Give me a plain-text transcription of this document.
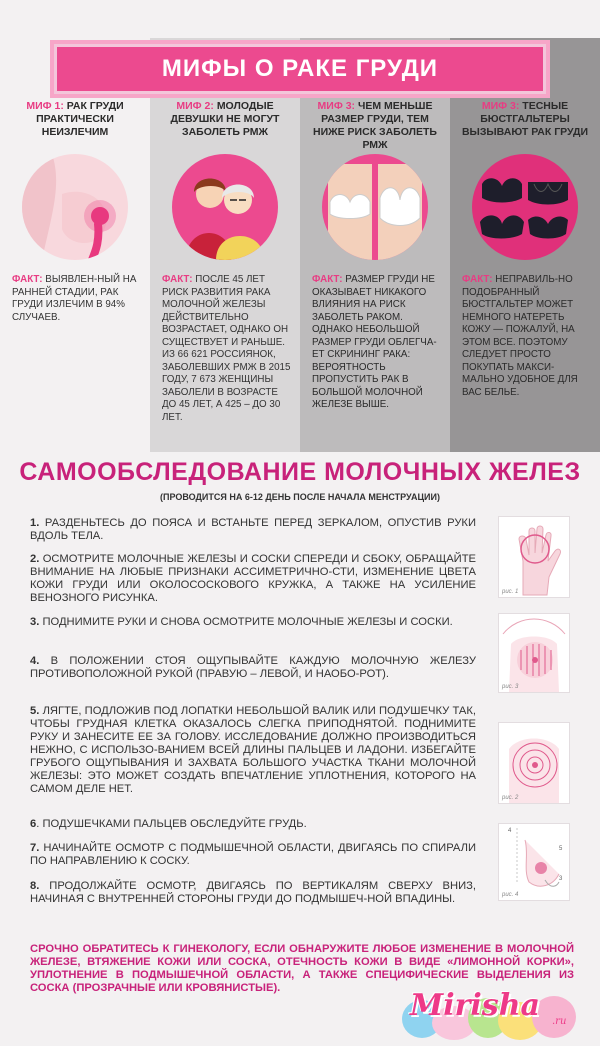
МИФ 1: РАК ГРУДИ ПРАКТИЧЕСКИ НЕИЗЛЕЧИМ
ФАКТ: ВЫЯВЛЕН-НЫЙ НА РАННЕЙ СТАДИИ, РАК ГРУДИ ИЗЛЕЧИМ В 94% СЛУЧАЕВ.
МИФ 2: МОЛОДЫЕ ДЕВУШКИ НЕ МОГУТ ЗАБОЛЕТЬ РМЖ
ФАКТ: ПОСЛЕ 45 ЛЕТ РИСК РАЗВИТИЯ РАКА МОЛОЧНОЙ ЖЕЛЕЗЫ ДЕЙСТВИТЕЛЬНО ВОЗРАСТАЕТ, ОДНАКО ОН СУЩЕСТВУЕТ И РАНЬШЕ. ИЗ 66 621 РОССИЯНОК, ЗАБОЛЕВШИХ РМЖ В 2015 ГОДУ, 7 673 ЖЕНЩИНЫ ЗАБОЛЕЛИ В ВОЗРАСТЕ ДО 45 ЛЕТ, А 425 – ДО 30 ЛЕТ.
МИФ 3: ЧЕМ МЕНЬШЕ РАЗМЕР ГРУДИ, ТЕМ НИЖЕ РИСК ЗАБОЛЕТЬ РМЖ
ФАКТ: РАЗМЕР ГРУДИ НЕ ОКАЗЫВАЕТ НИКАКОГО ВЛИЯНИЯ НА РИСК ЗАБОЛЕТЬ РАКОМ. ОДНАКО НЕБОЛЬШОЙ РАЗМЕР ГРУДИ ОБЛЕГЧА-ЕТ СКРИНИНГ РАКА: ВЕРОЯТНОСТЬ ПРОПУСТИТЬ РАК В БОЛЬШОЙ МОЛОЧНОЙ ЖЕЛЕЗЕ ВЫШЕ.
МИФ 3: ТЕСНЫЕ БЮСТГАЛЬТЕРЫ ВЫЗЫВАЮТ РАК ГРУДИ
ФАКТ: НЕПРАВИЛЬ-НО ПОДОБРАННЫЙ БЮСТГАЛЬТЕР МОЖЕТ НЕМНОГО НАТЕРЕТЬ КОЖУ — ПОЖАЛУЙ, НА ЭТОМ ВСЕ. ПОЭТОМУ СЛЕДУЕТ ПРОСТО ПОКУПАТЬ МАКСИ-МАЛЬНО УДОБНОЕ ДЛЯ ВАС БЕЛЬЕ.
МИФЫ О РАКЕ ГРУДИ
САМООБСЛЕДОВАНИЕ МОЛОЧНЫХ ЖЕЛЕЗ
(ПРОВОДИТСЯ НА 6-12 ДЕНЬ ПОСЛЕ НАЧАЛА МЕНСТРУАЦИИ)
1. РАЗДЕНЬТЕСЬ ДО ПОЯСА И ВСТАНЬТЕ ПЕРЕД ЗЕРКАЛОМ, ОПУСТИВ РУКИ ВДОЛЬ ТЕЛА.
2. ОСМОТРИТЕ МОЛОЧНЫЕ ЖЕЛЕЗЫ И СОСКИ СПЕРЕДИ И СБОКУ, ОБРАЩАЙТЕ ВНИМАНИЕ НА ЛЮБЫЕ ПРИЗНАКИ АССИМЕТРИЧНО-СТИ, ИЗМЕНЕНИЕ ЦВЕТА КОЖИ ГРУДИ ИЛИ ОКОЛОСОСКОВОГО КРУЖКА, А ТАКЖЕ НА УСИЛЕНИЕ ВЕНОЗНОГО РИСУНКА.
3. ПОДНИМИТЕ РУКИ И СНОВА ОСМОТРИТЕ МОЛОЧНЫЕ ЖЕЛЕЗЫ И СОСКИ.
4. В ПОЛОЖЕНИИ СТОЯ ОЩУПЫВАЙТЕ КАЖДУЮ МОЛОЧНУЮ ЖЕЛЕЗУ ПРОТИВОПОЛОЖНОЙ РУКОЙ (ПРАВУЮ – ЛЕВОЙ, И НАОБО-РОТ).
5. ЛЯГТЕ, ПОДЛОЖИВ ПОД ЛОПАТКИ НЕБОЛЬШОЙ ВАЛИК ИЛИ ПОДУШЕЧКУ ТАК, ЧТОБЫ ГРУДНАЯ КЛЕТКА ОКАЗАЛОСЬ СЛЕГКА ПРИПОДНЯТОЙ. ПОДНИМИТЕ РУКУ И ЗАНЕСИТЕ ЕЕ ЗА ГОЛОВУ. ИССЛЕДОВАНИЕ ДОЛЖНО ПРОИЗВОДИТЬСЯ НЕЖНО, С ИСПОЛЬЗО-ВАНИЕМ ВСЕЙ ДЛИНЫ ПАЛЬЦЕВ И ЛАДОНИ. ИЗБЕГАЙТЕ ГРУБОГО ОЩУПЫВАНИЯ И ЗАХВАТА БОЛЬШОГО УЧАСТКА ТКАНИ МОЛОЧНОЙ ЖЕЛЕЗЫ: ЭТО МОЖЕТ СОЗДАТЬ ВПЕЧАТЛЕНИЕ УПЛОТНЕНИЯ, КОТОРОГО НА САМОМ ДЕЛЕ НЕТ.
6. ПОДУШЕЧКАМИ ПАЛЬЦЕВ ОБСЛЕДУЙТЕ ГРУДЬ.
7. НАЧИНАЙТЕ ОСМОТР С ПОДМЫШЕЧНОЙ ОБЛАСТИ, ДВИГАЯСЬ ПО СПИРАЛИ ПО НАПРАВЛЕНИЮ К СОСКУ.
8. ПРОДОЛЖАЙТЕ ОСМОТР, ДВИГАЯСЬ ПО ВЕРТИКАЛЯМ СВЕРХУ ВНИЗ, НАЧИНАЯ С ВНУТРЕННЕЙ СТОРОНЫ ГРУДИ ДО ПОДМЫШЕЧ-НОЙ ВПАДИНЫ.
рис. 1
рис. 3
рис. 2
4
5
3
рис. 4
СРОЧНО ОБРАТИТЕСЬ К ГИНЕКОЛОГУ, ЕСЛИ ОБНАРУЖИТЕ ЛЮБОЕ ИЗМЕНЕНИЕ В МОЛОЧНОЙ ЖЕЛЕЗЕ, ВТЯЖЕНИЕ КОЖИ ИЛИ СОСКА, ОТЕЧНОСТЬ КОЖИ В ВИДЕ «ЛИМОННОЙ КОРКИ», УПЛОТНЕНИЕ В ПОДМЫШЕЧНОЙ ОБЛАСТИ, А ТАКЖЕ СПЕЦИФИЧЕСКИЕ ВЫДЕЛЕНИЯ ИЗ СОСКА (ПРОЗРАЧНЫЕ ИЛИ КРОВЯНИСТЫЕ).	Mirisha .ru
